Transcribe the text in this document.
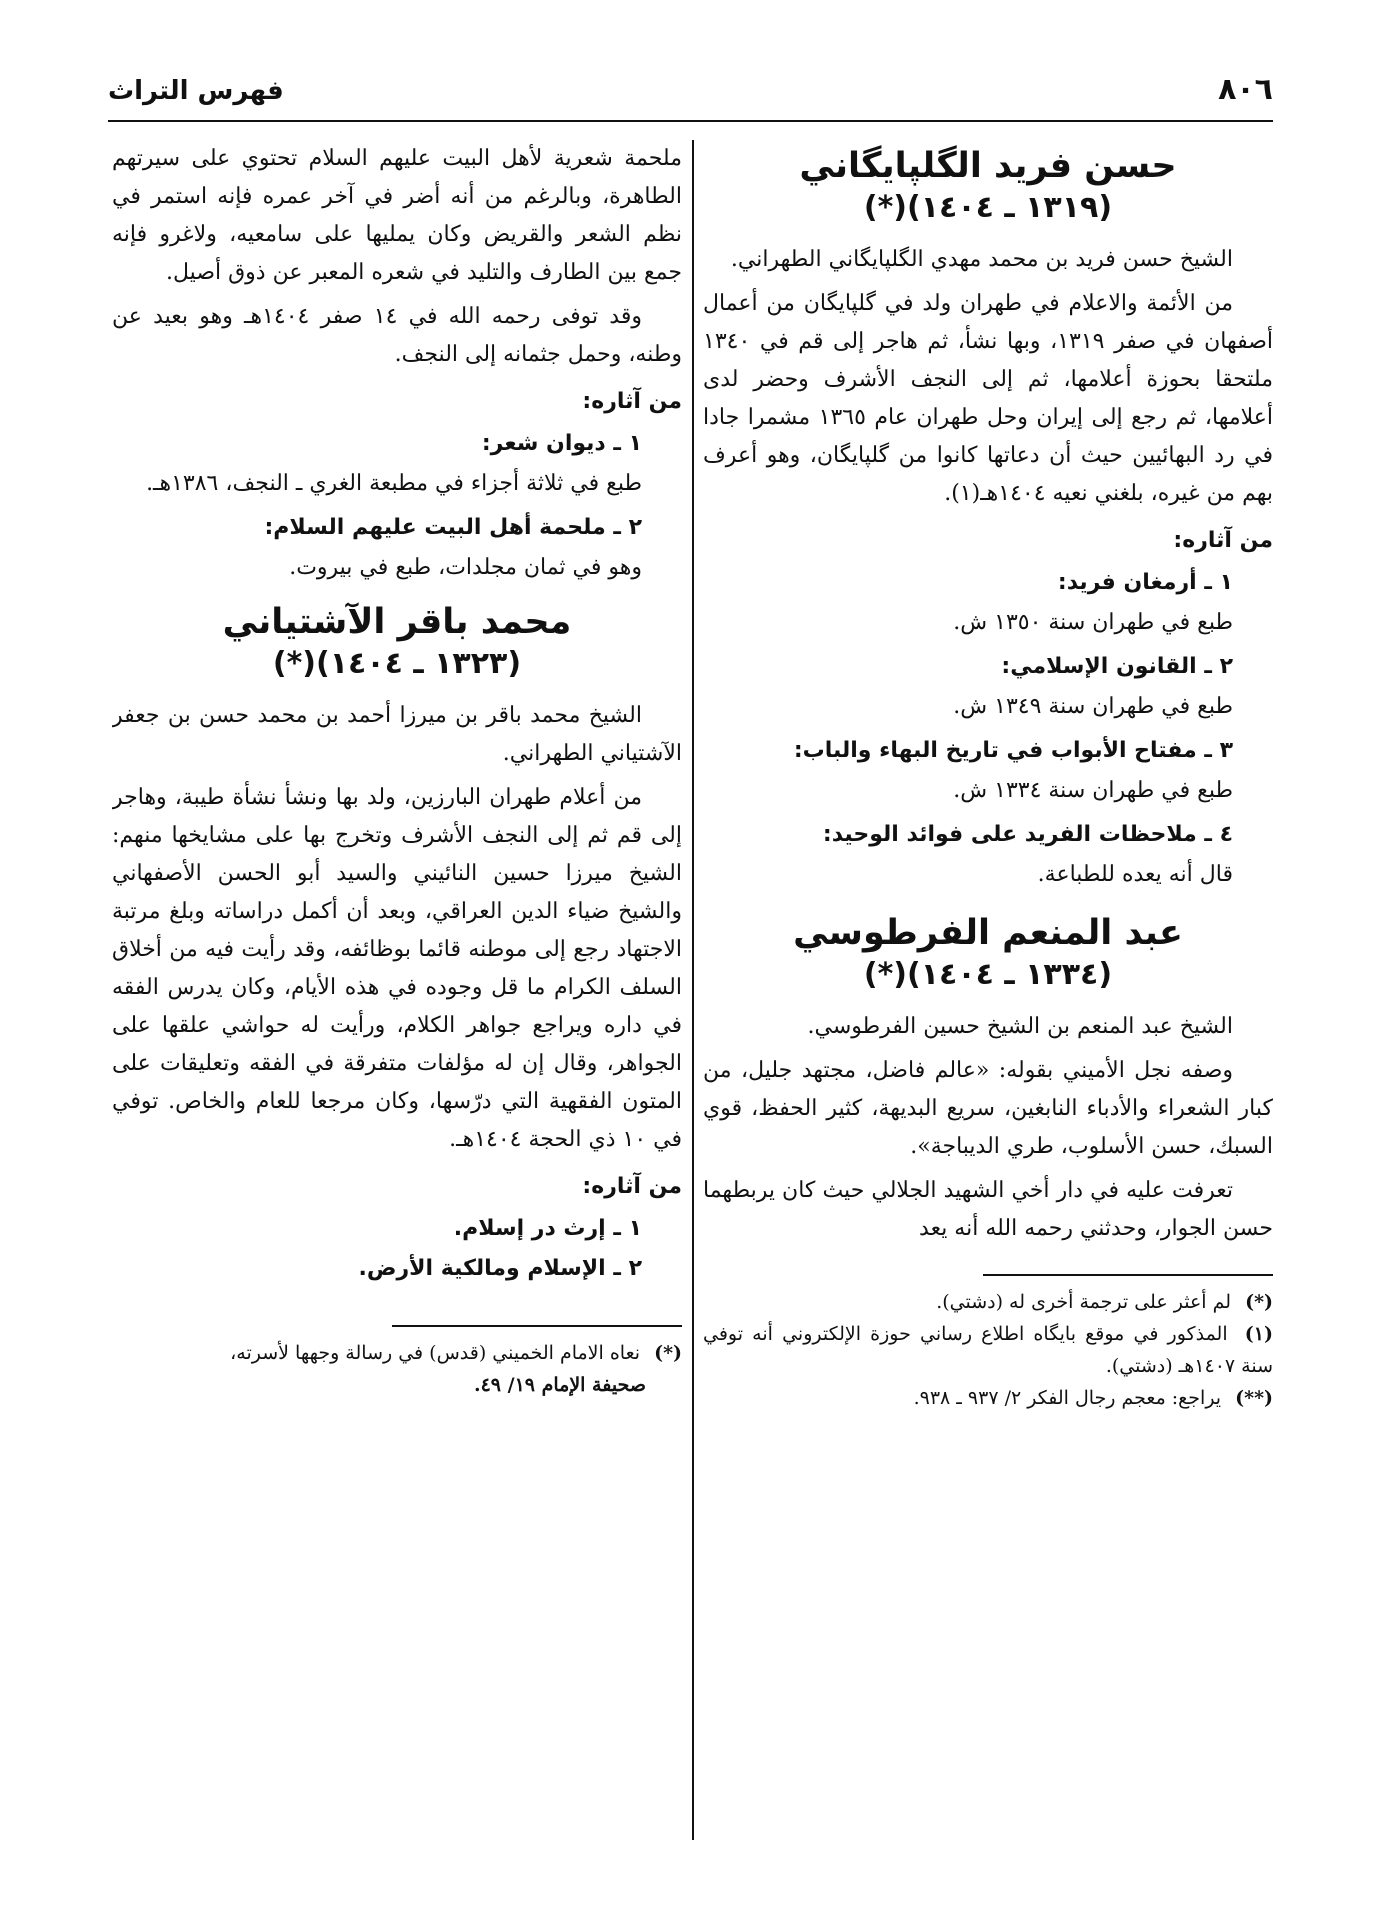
٨٠٦
فهرس التراث
حسن فريد الگلپايگاني
(١٣١٩ ـ ١٤٠٤)(*)

الشيخ حسن فريد بن محمد مهدي الگلپايگاني الطهراني.

من الأئمة والاعلام في طهران ولد في گلپايگان من أعمال أصفهان في صفر ١٣١٩، وبها نشأ، ثم هاجر إلى قم في ١٣٤٠ ملتحقا بحوزة أعلامها، ثم إلى النجف الأشرف وحضر لدى أعلامها، ثم رجع إلى إيران وحل طهران عام ١٣٦٥ مشمرا جادا في رد البهائيين حيث أن دعاتها كانوا من گلپايگان، وهو أعرف بهم من غيره، بلغني نعيه ١٤٠٤هـ(١).

من آثاره:
١ ـ أرمغان فريد:
طبع في طهران سنة ١٣٥٠ ش.
٢ ـ القانون الإسلامي:
طبع في طهران سنة ١٣٤٩ ش.
٣ ـ مفتاح الأبواب في تاريخ البهاء والباب:
طبع في طهران سنة ١٣٣٤ ش.
٤ ـ ملاحظات الفريد على فوائد الوحيد:
قال أنه يعده للطباعة.
عبد المنعم الفرطوسي
(١٣٣٤ ـ ١٤٠٤)(*)

الشيخ عبد المنعم بن الشيخ حسين الفرطوسي.

وصفه نجل الأميني بقوله: «عالم فاضل، مجتهد جليل، من كبار الشعراء والأدباء النابغين، سريع البديهة، كثير الحفظ، قوي السبك، حسن الأسلوب، طري الديباجة».

تعرفت عليه في دار أخي الشهيد الجلالي حيث كان يربطهما حسن الجوار، وحدثني رحمه الله أنه يعد

(*) لم أعثر على ترجمة أخرى له (دشتي).
(١) المذكور في موقع بايگاه اطلاع رساني حوزة الإلكتروني أنه توفي سنة ١٤٠٧هـ (دشتي).
(**) يراجع: معجم رجال الفكر ٢/ ٩٣٧ ـ ٩٣٨.

ملحمة شعرية لأهل البيت عليهم السلام تحتوي على سيرتهم الطاهرة، وبالرغم من أنه أضر في آخر عمره فإنه استمر في نظم الشعر والقريض وكان يمليها على سامعيه، ولاغرو فإنه جمع بين الطارف والتليد في شعره المعبر عن ذوق أصيل.

وقد توفى رحمه الله في ١٤ صفر ١٤٠٤هـ وهو بعيد عن وطنه، وحمل جثمانه إلى النجف.

من آثاره:
١ ـ ديوان شعر:
طبع في ثلاثة أجزاء في مطبعة الغري ـ النجف، ١٣٨٦هـ.
٢ ـ ملحمة أهل البيت عليهم السلام:
وهو في ثمان مجلدات، طبع في بيروت.
محمد باقر الآشتياني
(١٣٢٣ ـ ١٤٠٤)(*)

الشيخ محمد باقر بن ميرزا أحمد بن محمد حسن بن جعفر الآشتياني الطهراني.

من أعلام طهران البارزين، ولد بها ونشأ نشأة طيبة، وهاجر إلى قم ثم إلى النجف الأشرف وتخرج بها على مشايخها منهم: الشيخ ميرزا حسين النائيني والسيد أبو الحسن الأصفهاني والشيخ ضياء الدين العراقي، وبعد أن أكمل دراساته وبلغ مرتبة الاجتهاد رجع إلى موطنه قائما بوظائفه، وقد رأيت فيه من أخلاق السلف الكرام ما قل وجوده في هذه الأيام، وكان يدرس الفقه في داره ويراجع جواهر الكلام، ورأيت له حواشي علقها على الجواهر، وقال إن له مؤلفات متفرقة في الفقه وتعليقات على المتون الفقهية التي درّسها، وكان مرجعا للعام والخاص. توفي في ١٠ ذي الحجة ١٤٠٤هـ.

من آثاره:
١ ـ إرث در إسلام.
٢ ـ الإسلام ومالكية الأرض.
(*) نعاه الامام الخميني (قدس) في رسالة وجهها لأسرته،
صحيفة الإمام ١٩/ ٤٩.
